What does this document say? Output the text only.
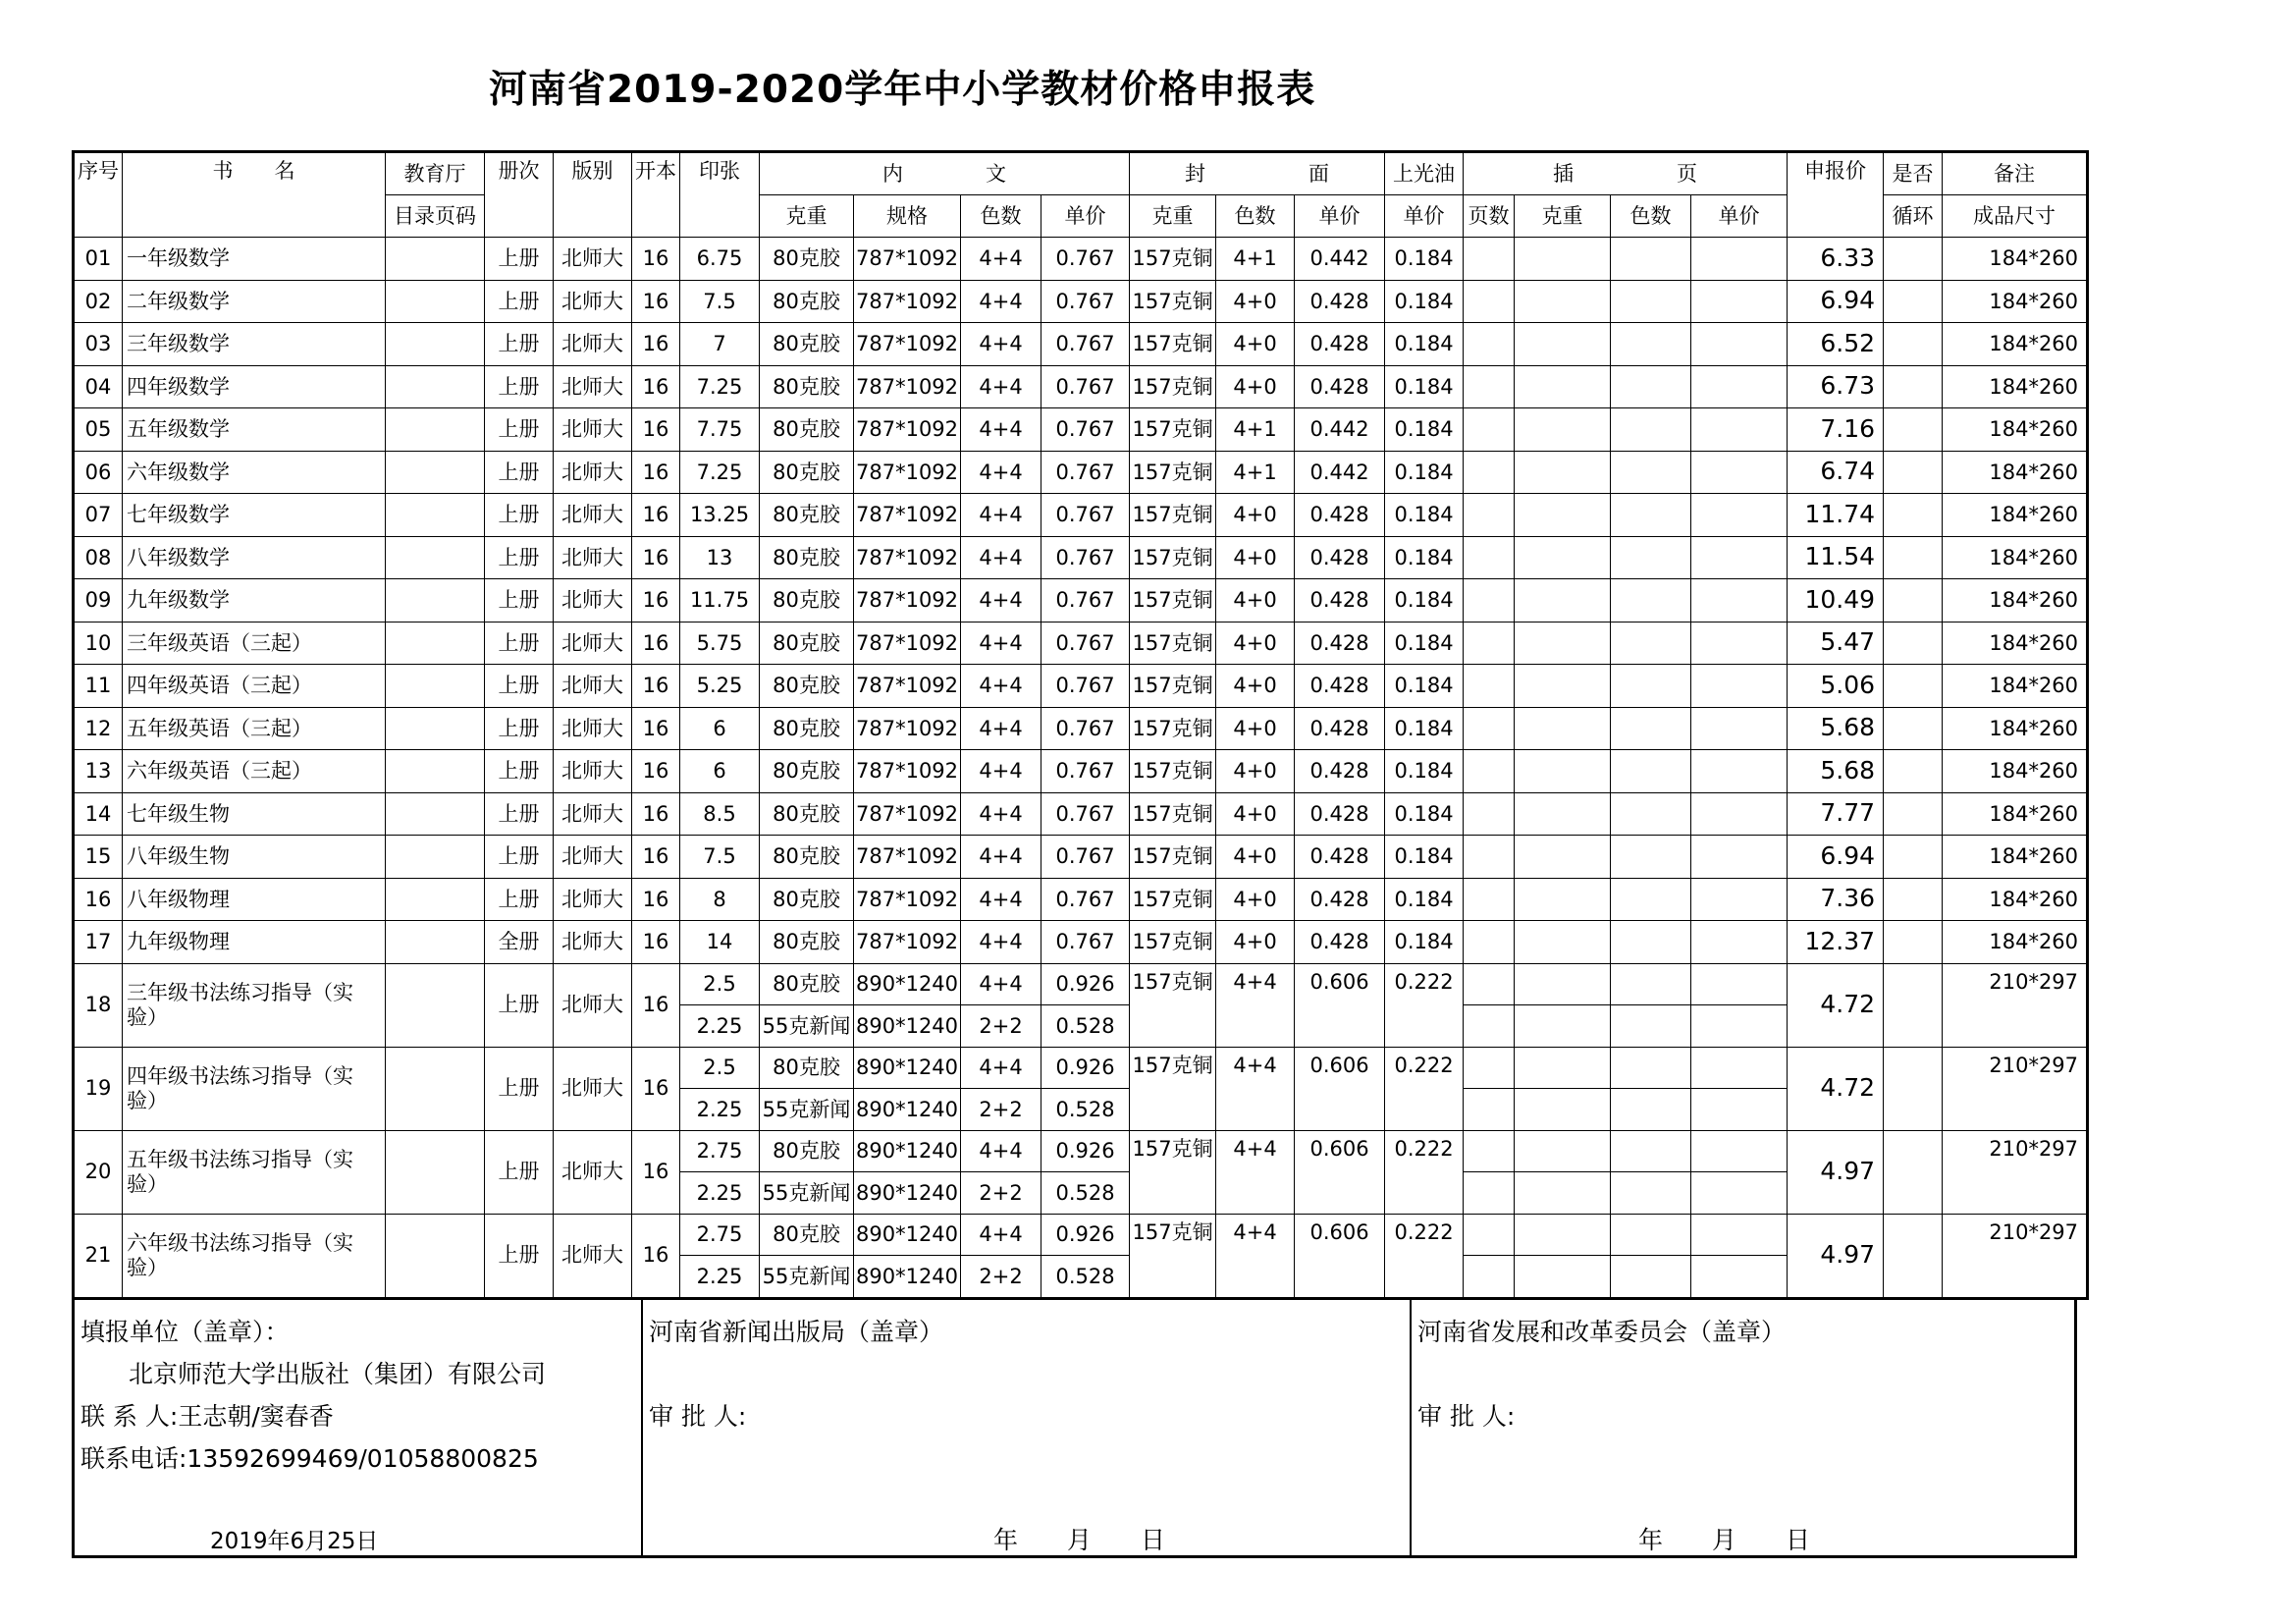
河南省2019-2020学年中小学教材价格申报表
序号	书　　名	教育厅	册次	版别	开本	印张	内　　　　文				封　　　　　面			上光油	插　　　　　页				申报价	是否	备注
		目录页码					克重	规格	色数	单价	克重	色数	单价	单价	页数	克重	色数	单价		循环	成品尺寸
01	一年级数学		上册	北师大	16	6.75	80克胶	787*1092	4+4	0.767	157克铜	4+1	0.442	0.184					6.33		184*260
02	二年级数学		上册	北师大	16	7.5	80克胶	787*1092	4+4	0.767	157克铜	4+0	0.428	0.184					6.94		184*260
03	三年级数学		上册	北师大	16	7	80克胶	787*1092	4+4	0.767	157克铜	4+0	0.428	0.184					6.52		184*260
04	四年级数学		上册	北师大	16	7.25	80克胶	787*1092	4+4	0.767	157克铜	4+0	0.428	0.184					6.73		184*260
05	五年级数学		上册	北师大	16	7.75	80克胶	787*1092	4+4	0.767	157克铜	4+1	0.442	0.184					7.16		184*260
06	六年级数学		上册	北师大	16	7.25	80克胶	787*1092	4+4	0.767	157克铜	4+1	0.442	0.184					6.74		184*260
07	七年级数学		上册	北师大	16	13.25	80克胶	787*1092	4+4	0.767	157克铜	4+0	0.428	0.184					11.74		184*260
08	八年级数学		上册	北师大	16	13	80克胶	787*1092	4+4	0.767	157克铜	4+0	0.428	0.184					11.54		184*260
09	九年级数学		上册	北师大	16	11.75	80克胶	787*1092	4+4	0.767	157克铜	4+0	0.428	0.184					10.49		184*260
10	三年级英语（三起）		上册	北师大	16	5.75	80克胶	787*1092	4+4	0.767	157克铜	4+0	0.428	0.184					5.47		184*260
11	四年级英语（三起）		上册	北师大	16	5.25	80克胶	787*1092	4+4	0.767	157克铜	4+0	0.428	0.184					5.06		184*260
12	五年级英语（三起）		上册	北师大	16	6	80克胶	787*1092	4+4	0.767	157克铜	4+0	0.428	0.184					5.68		184*260
13	六年级英语（三起）		上册	北师大	16	6	80克胶	787*1092	4+4	0.767	157克铜	4+0	0.428	0.184					5.68		184*260
14	七年级生物		上册	北师大	16	8.5	80克胶	787*1092	4+4	0.767	157克铜	4+0	0.428	0.184					7.77		184*260
15	八年级生物		上册	北师大	16	7.5	80克胶	787*1092	4+4	0.767	157克铜	4+0	0.428	0.184					6.94		184*260
16	八年级物理		上册	北师大	16	8	80克胶	787*1092	4+4	0.767	157克铜	4+0	0.428	0.184					7.36		184*260
17	九年级物理		全册	北师大	16	14	80克胶	787*1092	4+4	0.767	157克铜	4+0	0.428	0.184					12.37		184*260
18	三年级书法练习指导（实验）		上册	北师大	16	2.5	80克胶	890*1240	4+4	0.926	157克铜	4+4	0.606	0.222					4.72		210*297
						2.25	55克新闻	890*1240	2+2	0.528											
19	四年级书法练习指导（实验）		上册	北师大	16	2.5	80克胶	890*1240	4+4	0.926	157克铜	4+4	0.606	0.222					4.72		210*297
						2.25	55克新闻	890*1240	2+2	0.528											
20	五年级书法练习指导（实验）		上册	北师大	16	2.75	80克胶	890*1240	4+4	0.926	157克铜	4+4	0.606	0.222					4.97		210*297
						2.25	55克新闻	890*1240	2+2	0.528											
21	六年级书法练习指导（实验）		上册	北师大	16	2.75	80克胶	890*1240	4+4	0.926	157克铜	4+4	0.606	0.222					4.97		210*297
						2.25	55克新闻	890*1240	2+2	0.528											
填报单位（盖章）：
北京师范大学出版社（集团）有限公司
联 系 人:王志朝/窦春香
联系电话:13592699469/01058800825
2019年6月25日
河南省新闻出版局（盖章）
审 批 人:
年　　月　　日
河南省发展和改革委员会（盖章）
审 批 人:
年　　月　　日
